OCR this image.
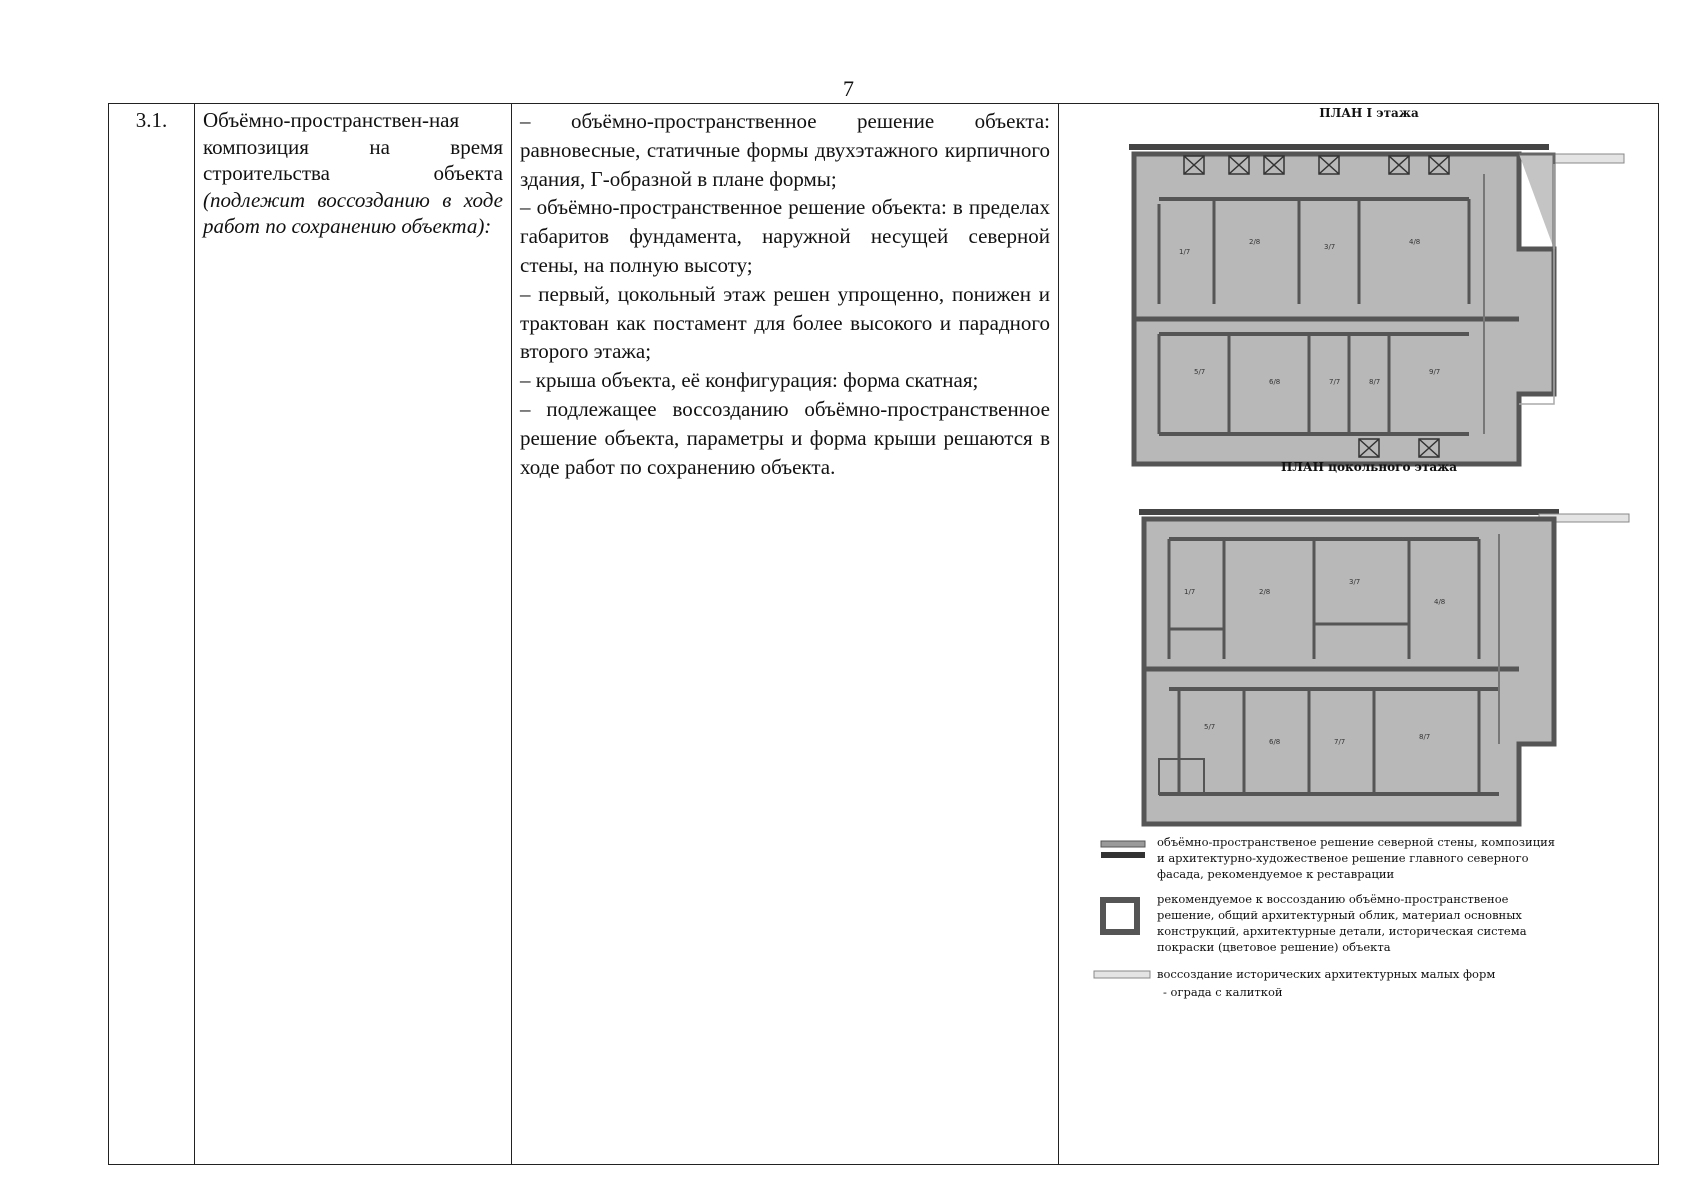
7
3.1.	Объёмно-пространствен-ная композиция на время строительства объекта (подлежит воссозданию в ходе работ по сохранению объекта):	

– объёмно-пространственное решение объекта: равновесные, статичные формы двухэтажного кирпичного здания, Г-образной в плане формы;

– объёмно-пространственное решение объекта: в пределах габаритов фундамента, наружной несущей северной стены, на полную высоту;

– первый, цокольный этаж решен упрощенно, понижен и трактован как постамент для более высокого и парадного второго этажа;

– крыша объекта, её конфигурация: форма скатная;

– подлежащее воссозданию объёмно-пространственное решение объекта, параметры и форма крыши решаются в ходе работ по сохранению объекта.

ПЛАН I этажа
1/7
2/8
3/7
4/8
5/7
6/8	7/7	8/7
9/7
ПЛАН цокольного этажа
1/7	2/8
3/7
4/8
5/7
6/8	7/7
8/7
объёмно-пространственое решение северной стены, композиция и архитектурно-художественое решение главного северного фасада, рекомендуемое к реставрации
рекомендуемое к воссозданию объёмно-пространственое решение, общий архитектурный облик, материал основных конструкций, архитектурные детали, историческая система покраски (цветовое решение) объекта
воссоздание исторических архитектурных малых форм
- ограда с калиткой
